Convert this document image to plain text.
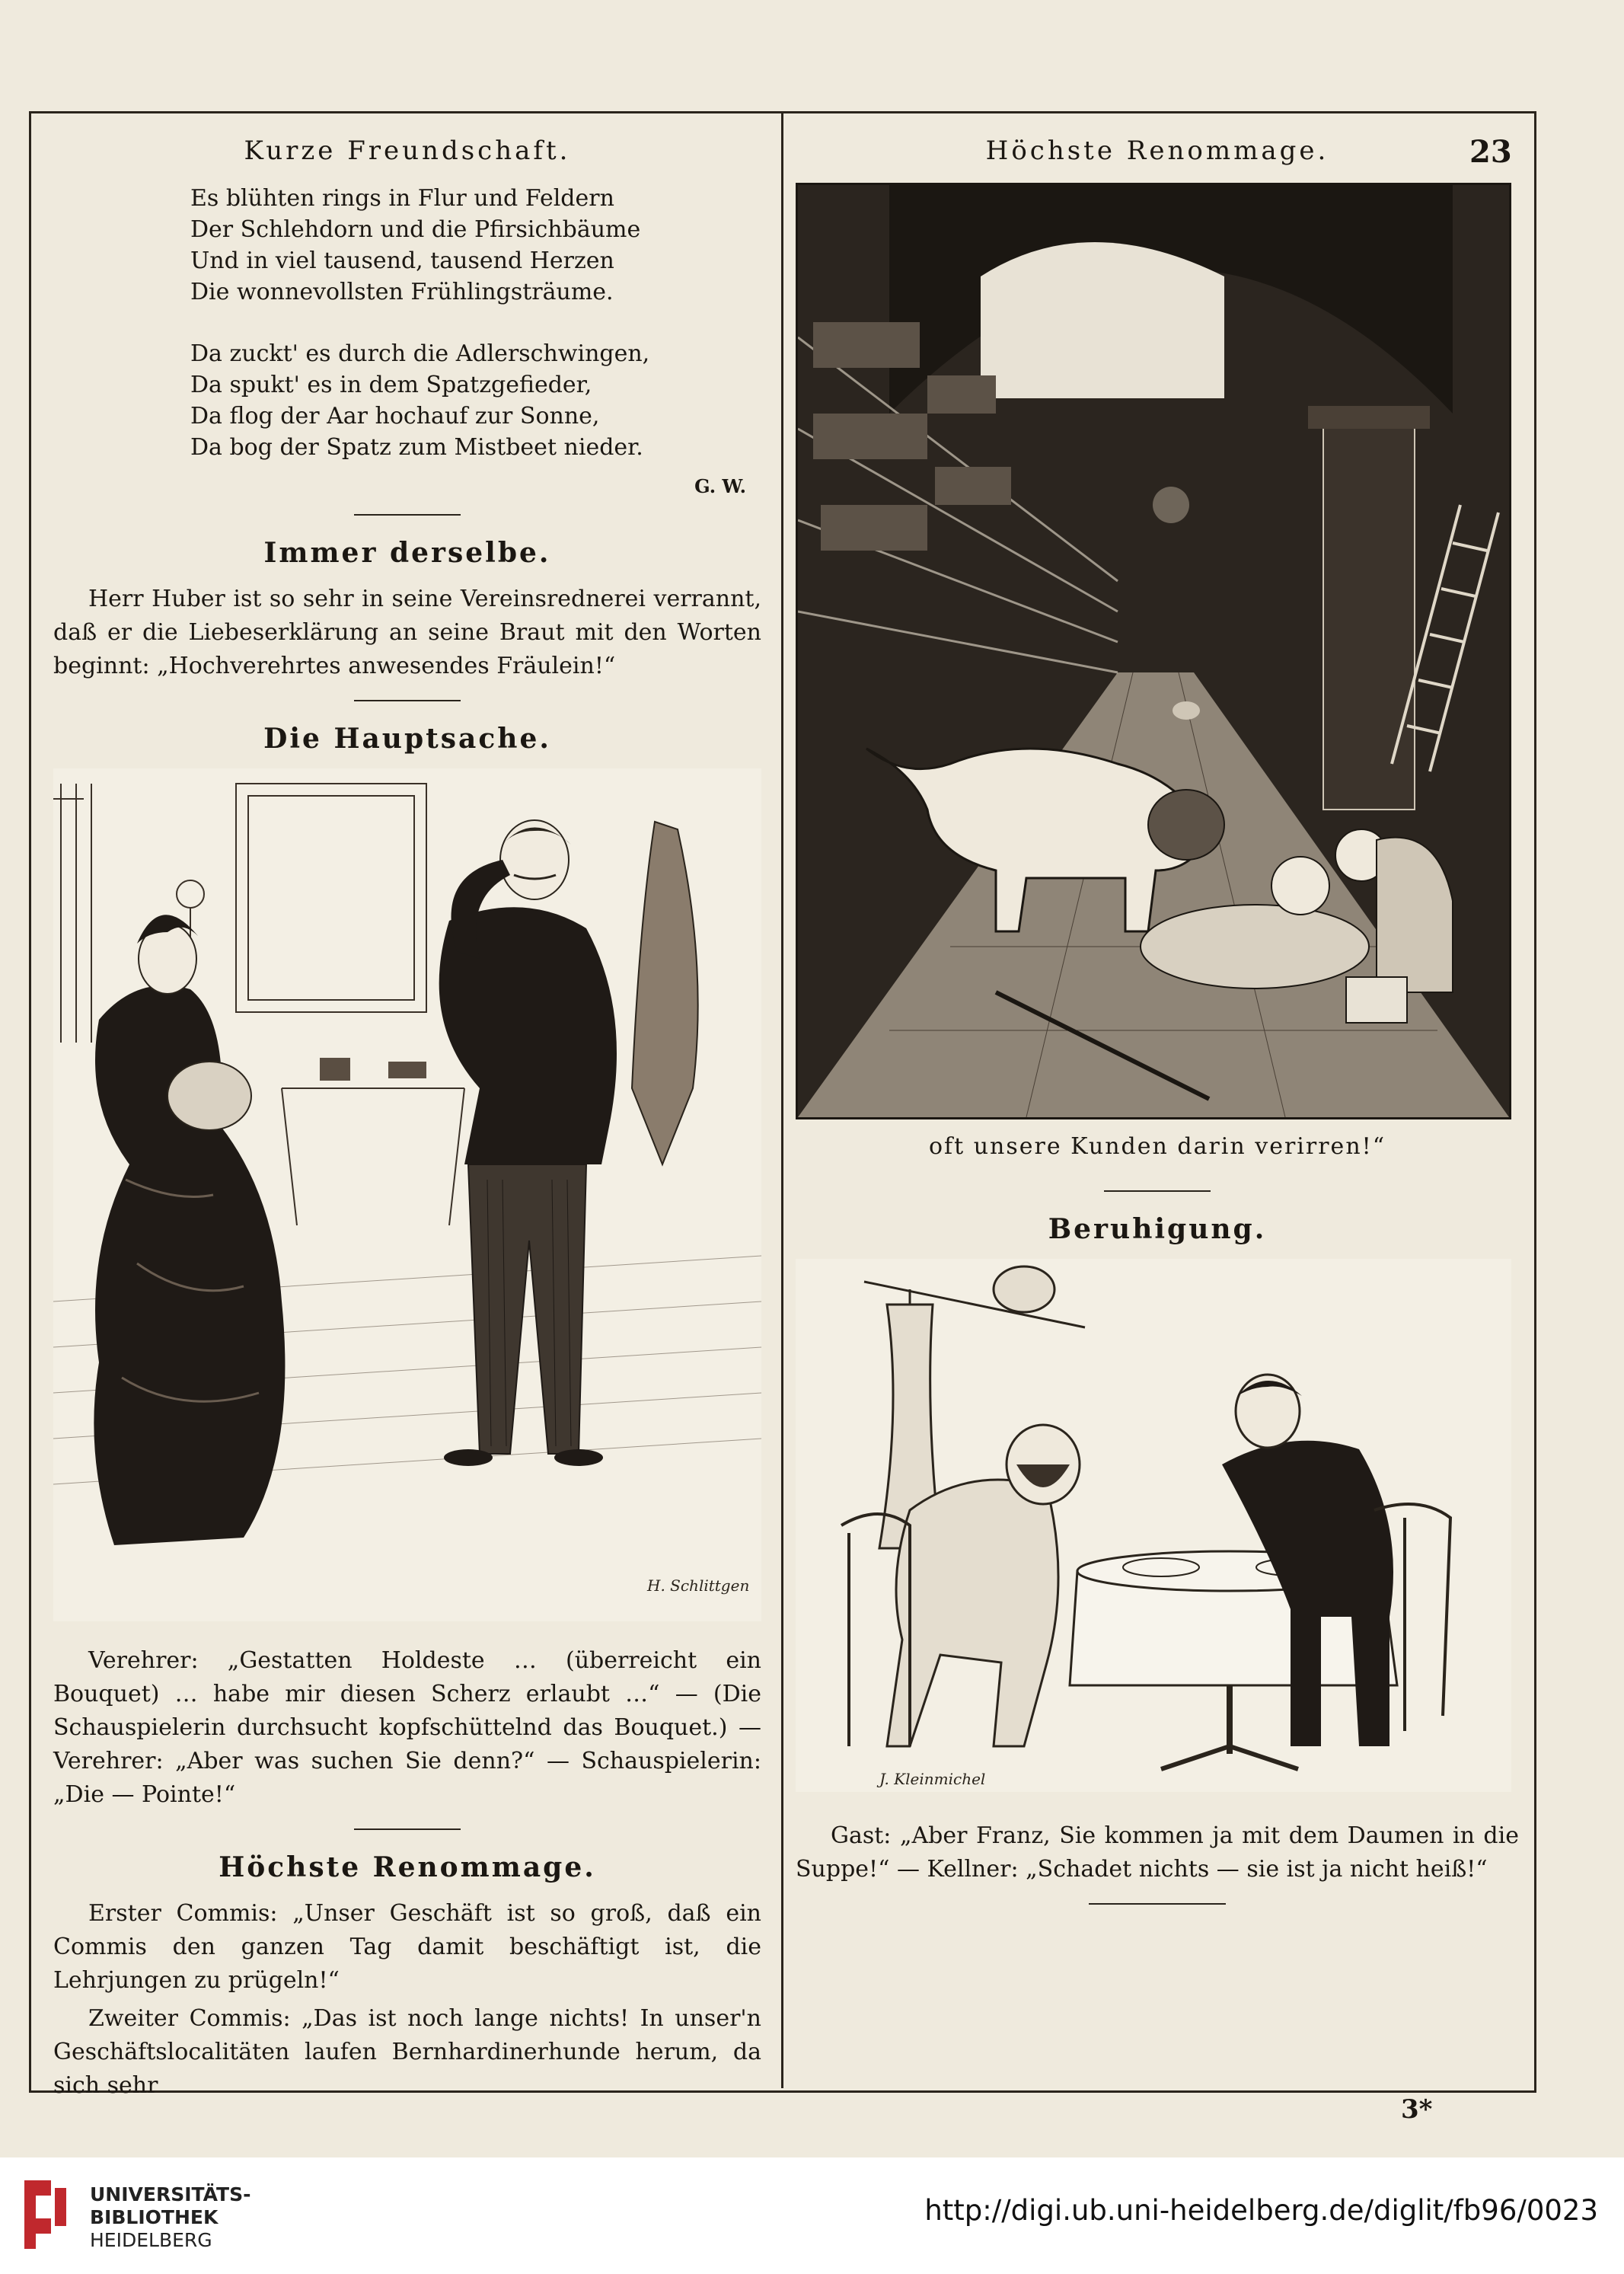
23
Kurze Freundschaft.
Es blühten rings in Flur und Feldern
Der Schlehdorn und die Pfirsichbäume
Und in viel tausend, tausend Herzen
Die wonnevollsten Frühlingsträume.
Da zuckt' es durch die Adlerschwingen,
Da spukt' es in dem Spatzgefieder,
Da flog der Aar hochauf zur Sonne,
Da bog der Spatz zum Mistbeet nieder.
G. W.
Immer derselbe.

Herr Huber ist so sehr in seine Vereinsrednerei verrannt, daß er die Liebeserklärung an seine Braut mit den Worten beginnt: „Hochverehrtes anwesendes Fräulein!“

Die Hauptsache.
H. Schlittgen

Verehrer: „Gestatten Holdeste … (überreicht ein Bouquet) … habe mir diesen Scherz erlaubt …“ — (Die Schauspielerin durchsucht kopfschüttelnd das Bouquet.) — Verehrer: „Aber was suchen Sie denn?“ — Schauspielerin: „Die — Pointe!“

Höchste Renommage.

Erster Commis: „Unser Geschäft ist so groß, daß ein Commis den ganzen Tag damit beschäftigt ist, die Lehrjungen zu prügeln!“

Zweiter Commis: „Das ist noch lange nichts! In unser'n Geschäftslocalitäten laufen Bernhardinerhunde herum, da sich sehr

Höchste Renommage.
oft unsere Kunden darin verirren!“
Beruhigung.
J. Kleinmichel

Gast: „Aber Franz, Sie kommen ja mit dem Daumen in die Suppe!“ — Kellner: „Schadet nichts — sie ist ja nicht heiß!“

3*
UNIVERSITÄTS-
BIBLIOTHEK
HEIDELBERG
http://digi.ub.uni-heidelberg.de/diglit/fb96/0023
